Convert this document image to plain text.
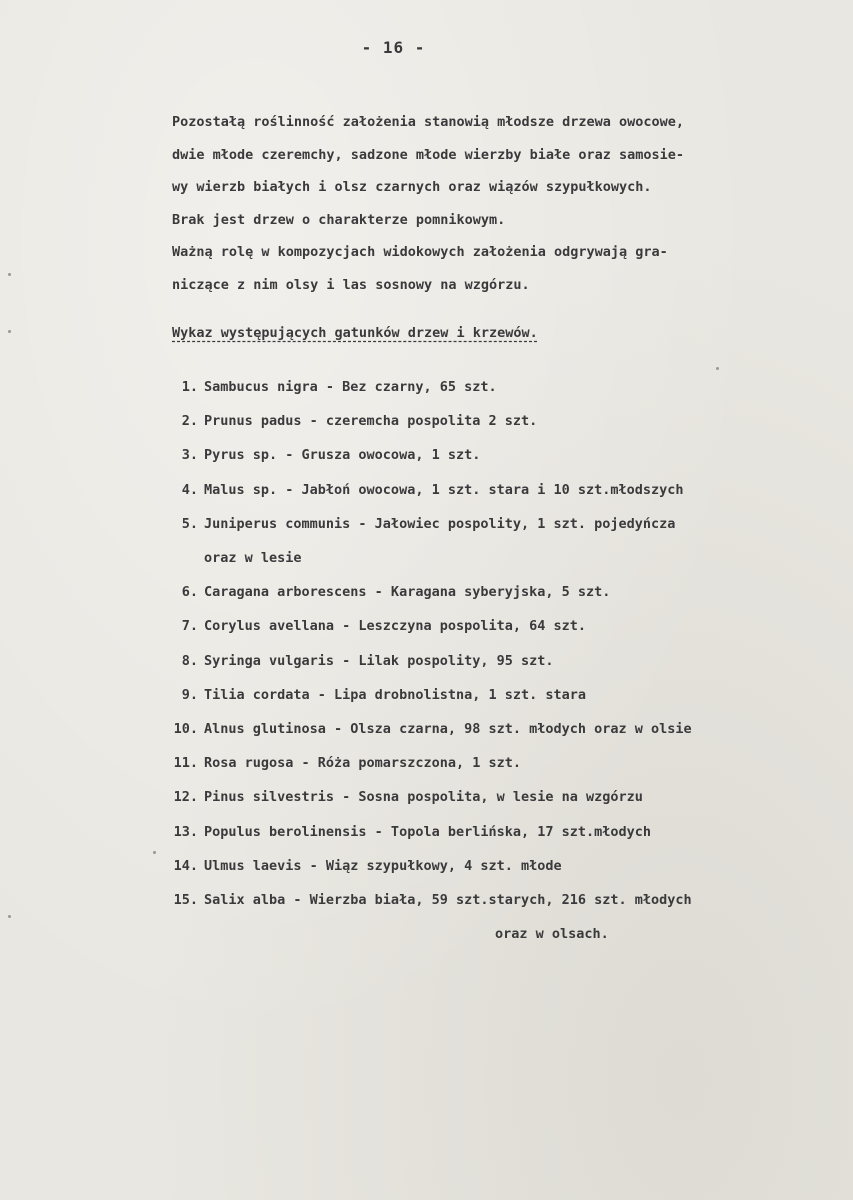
- 16 -

Pozostałą roślinność założenia stanowią młodsze drzewa owocowe,

dwie młode czeremchy, sadzone młode wierzby białe oraz samosie-

wy wierzb białych i olsz czarnych oraz wiązów szypułkowych.

Brak jest drzew o charakterze pomnikowym.

Ważną rolę w kompozycjach widokowych założenia odgrywają gra-

niczące z nim olsy i las sosnowy na wzgórzu.

Wykaz występujących gatunków drzew i krzewów.
1. Sambucus nigra - Bez czarny, 65 szt.
2. Prunus padus - czeremcha pospolita 2 szt.
3. Pyrus sp. - Grusza owocowa, 1 szt.
4. Malus sp. - Jabłoń owocowa, 1 szt. stara i 10 szt.młodszych
5. Juniperus communis - Jałowiec pospolity, 1 szt. pojedyńcza
oraz w lesie
6. Caragana arborescens - Karagana syberyjska, 5 szt.
7. Corylus avellana - Leszczyna pospolita, 64 szt.
8. Syringa vulgaris - Lilak pospolity, 95 szt.
9. Tilia cordata - Lipa drobnolistna, 1 szt. stara
10. Alnus glutinosa - Olsza czarna, 98 szt. młodych oraz w olsie
11. Rosa rugosa - Róża pomarszczona, 1 szt.
12. Pinus silvestris - Sosna pospolita, w lesie na wzgórzu
13. Populus berolinensis - Topola berlińska, 17 szt.młodych
14. Ulmus laevis - Wiąz szypułkowy, 4 szt. młode
15. Salix alba - Wierzba biała, 59 szt.starych, 216 szt. młodych
oraz w olsach.
